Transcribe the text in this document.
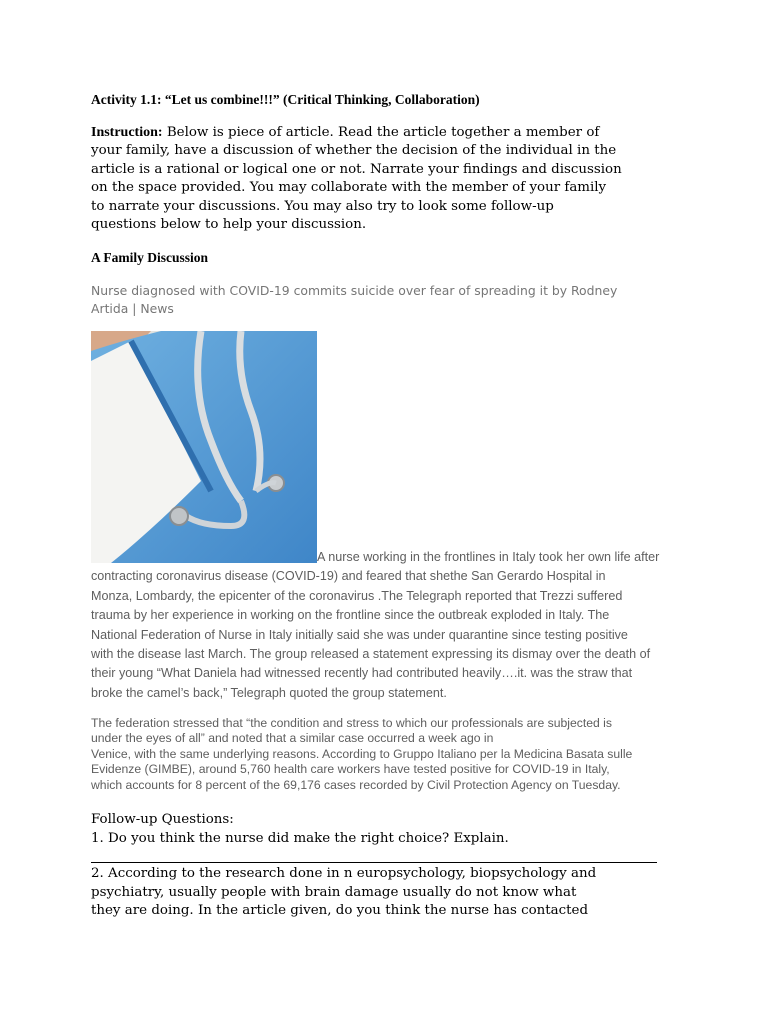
Activity 1.1: “Let us combine!!!” (Critical Thinking, Collaboration)
Instruction: Below is piece of article. Read the article together a member of
your family, have a discussion of whether the decision of the individual in the
article is a rational or logical one or not. Narrate your findings and discussion
on the space provided. You may collaborate with the member of your family
to narrate your discussions. You may also try to look some follow-up
questions below to help your discussion.
A Family Discussion
Nurse diagnosed with COVID-19 commits suicide over fear of spreading it by Rodney
Artida | News
A nurse working in the frontlines in Italy took her own life after
contracting coronavirus disease (COVID-19) and feared that shethe San Gerardo Hospital in
Monza, Lombardy, the epicenter of the coronavirus .The Telegraph reported that Trezzi suffered
trauma by her experience in working on the frontline since the outbreak exploded in Italy. The
National Federation of Nurse in Italy initially said she was under quarantine since testing positive
with the disease last March. The group released a statement expressing its dismay over the death of
their young “What Daniela had witnessed recently had contributed heavily….it. was the straw that
broke the camel’s back,” Telegraph quoted the group statement.
The federation stressed that “the condition and stress to which our professionals are subjected is
under the eyes of all” and noted that a similar case occurred a week ago in
Venice, with the same underlying reasons. According to Gruppo Italiano per la Medicina Basata sulle
Evidenze (GIMBE), around 5,760 health care workers have tested positive for COVID-19 in Italy,
which accounts for 8 percent of the 69,176 cases recorded by Civil Protection Agency on Tuesday.
Follow-up Questions:
1. Do you think the nurse did make the right choice? Explain.
2. According to the research done in n europsychology, biopsychology and
psychiatry, usually people with brain damage usually do not know what
they are doing. In the article given, do you think the nurse has contacted
